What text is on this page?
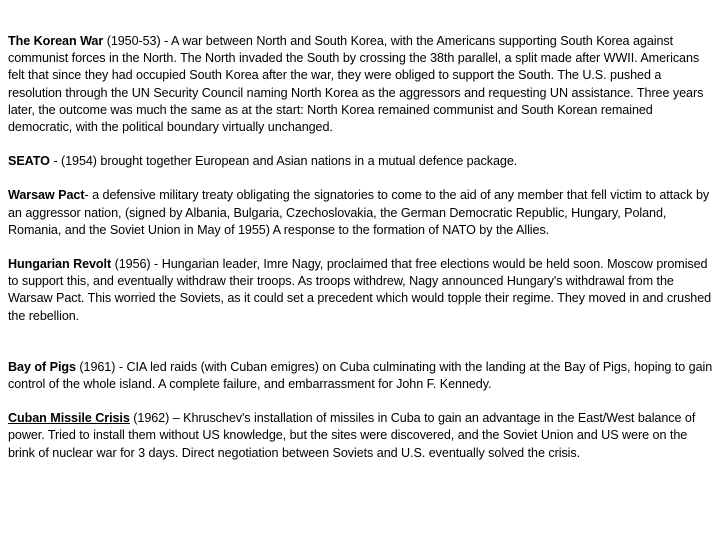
The Korean War (1950-53) - A war between North and South Korea, with the Americans supporting South Korea against communist forces in the North. The North invaded the South by crossing the 38th parallel, a split made after WWII. Americans felt that since they had occupied South Korea after the war, they were obliged to support the South. The U.S. pushed a resolution through the UN Security Council naming North Korea as the aggressors and requesting UN assistance. Three years later, the outcome was much the same as at the start: North Korea remained communist and South Korean remained democratic, with the political boundary virtually unchanged.

SEATO - (1954) brought together European and Asian nations in a mutual defence package.

Warsaw Pact- a defensive military treaty obligating the signatories to come to the aid of any member that fell victim to attack by an aggressor nation, (signed by Albania, Bulgaria, Czechoslovakia, the German Democratic Republic, Hungary, Poland, Romania, and the Soviet Union in May of 1955) A response to the formation of NATO by the Allies.

Hungarian Revolt (1956) - Hungarian leader, Imre Nagy, proclaimed that free elections would be held soon. Moscow promised to support this, and eventually withdraw their troops. As troops withdrew, Nagy announced Hungary's withdrawal from the Warsaw Pact. This worried the Soviets, as it could set a precedent which would topple their regime. They moved in and crushed the rebellion.

Bay of Pigs (1961) - CIA led raids (with Cuban emigres) on Cuba culminating with the landing at the Bay of Pigs, hoping to gain control of the whole island. A complete failure, and embarrassment for John F. Kennedy.

Cuban Missile Crisis (1962) – Khruschev's installation of missiles in Cuba to gain an advantage in the East/West balance of power. Tried to install them without US knowledge, but the sites were discovered, and the Soviet Union and US were on the brink of nuclear war for 3 days. Direct negotiation between Soviets and U.S. eventually solved the crisis.
